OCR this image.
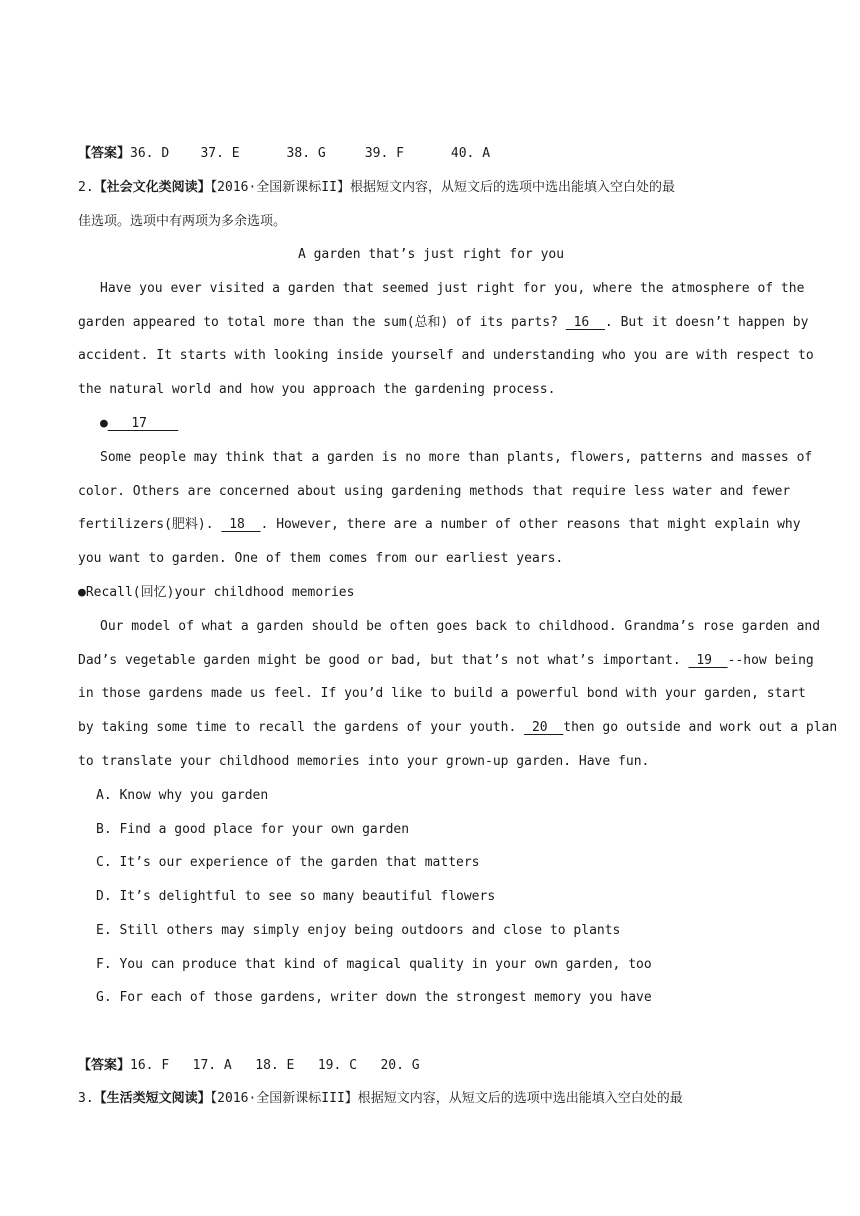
【答案】36. D    37. E      38. G     39. F      40. A
2.【社会文化类阅读】【2016·全国新课标II】根据短文内容，从短文后的选项中选出能填入空白处的最
佳选项。选项中有两项为多余选项。
A garden that’s just right for you
Have you ever visited a garden that seemed just right for you, where the atmosphere of the
garden appeared to total more than the sum(总和) of its parts?  16 . But it doesn’t happen by
accident. It starts with looking inside yourself and understanding who you are with respect to
the natural world and how you approach the gardening process.
● 17
Some people may think that a garden is no more than plants, flowers, patterns and masses of
color. Others are concerned about using gardening methods that require less water and fewer
fertilizers(肥料).  18 . However, there are a number of other reasons that might explain why
you want to garden. One of them comes from our earliest years.
●Recall(回忆)your childhood memories
Our model of what a garden should be often goes back to childhood. Grandma’s rose garden and
Dad’s vegetable garden might be good or bad, but that’s not what’s important.  19 --how being
in those gardens made us feel. If you’d like to build a powerful bond with your garden, start
by taking some time to recall the gardens of your youth.  20 then go outside and work out a plan
to translate your childhood memories into your grown-up garden. Have fun.
A. Know why you garden
B. Find a good place for your own garden
C. It’s our experience of the garden that matters
D. It’s delightful to see so many beautiful flowers
E. Still others may simply enjoy being outdoors and close to plants
F. You can produce that kind of magical quality in your own garden, too
G. For each of those gardens, writer down the strongest memory you have
【答案】16. F   17. A   18. E   19. C   20. G
3.【生活类短文阅读】【2016·全国新课标III】根据短文内容，从短文后的选项中选出能填入空白处的最
